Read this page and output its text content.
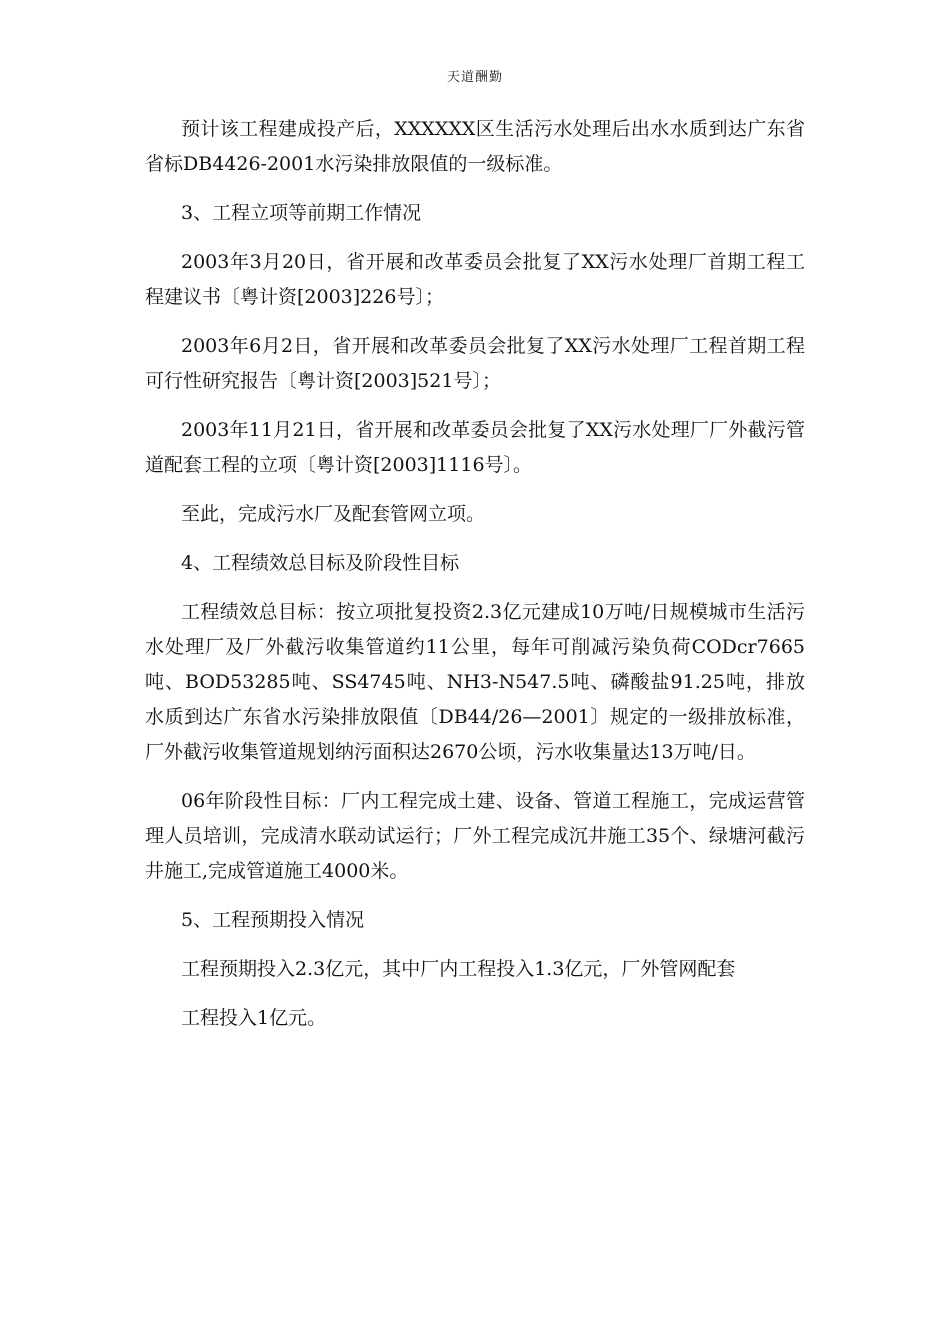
天道酬勤

预计该工程建成投产后，XXXXXX区生活污水处理后出水水质到达广东省省标DB4426-2001水污染排放限值的一级标准。

3、工程立项等前期工作情况

2003年3月20日，省开展和改革委员会批复了XX污水处理厂首期工程工程建议书〔粤计资[2003]226号〕；

2003年6月2日，省开展和改革委员会批复了XX污水处理厂工程首期工程可行性研究报告〔粤计资[2003]521号〕；

2003年11月21日，省开展和改革委员会批复了XX污水处理厂厂外截污管道配套工程的立项〔粤计资[2003]1116号〕。

至此，完成污水厂及配套管网立项。

4、工程绩效总目标及阶段性目标

工程绩效总目标：按立项批复投资2.3亿元建成10万吨/日规模城市生活污水处理厂及厂外截污收集管道约11公里，每年可削减污染负荷CODcr7665吨、BOD53285吨、SS4745吨、NH3-N547.5吨、磷酸盐91.25吨，排放水质到达广东省水污染排放限值〔DB44/26—2001〕规定的一级排放标准，厂外截污收集管道规划纳污面积达2670公顷，污水收集量达13万吨/日。

06年阶段性目标：厂内工程完成土建、设备、管道工程施工，完成运营管理人员培训，完成清水联动试运行；厂外工程完成沉井施工35个、绿塘河截污井施工,完成管道施工4000米。

5、工程预期投入情况

工程预期投入2.3亿元，其中厂内工程投入1.3亿元，厂外管网配套

工程投入1亿元。
